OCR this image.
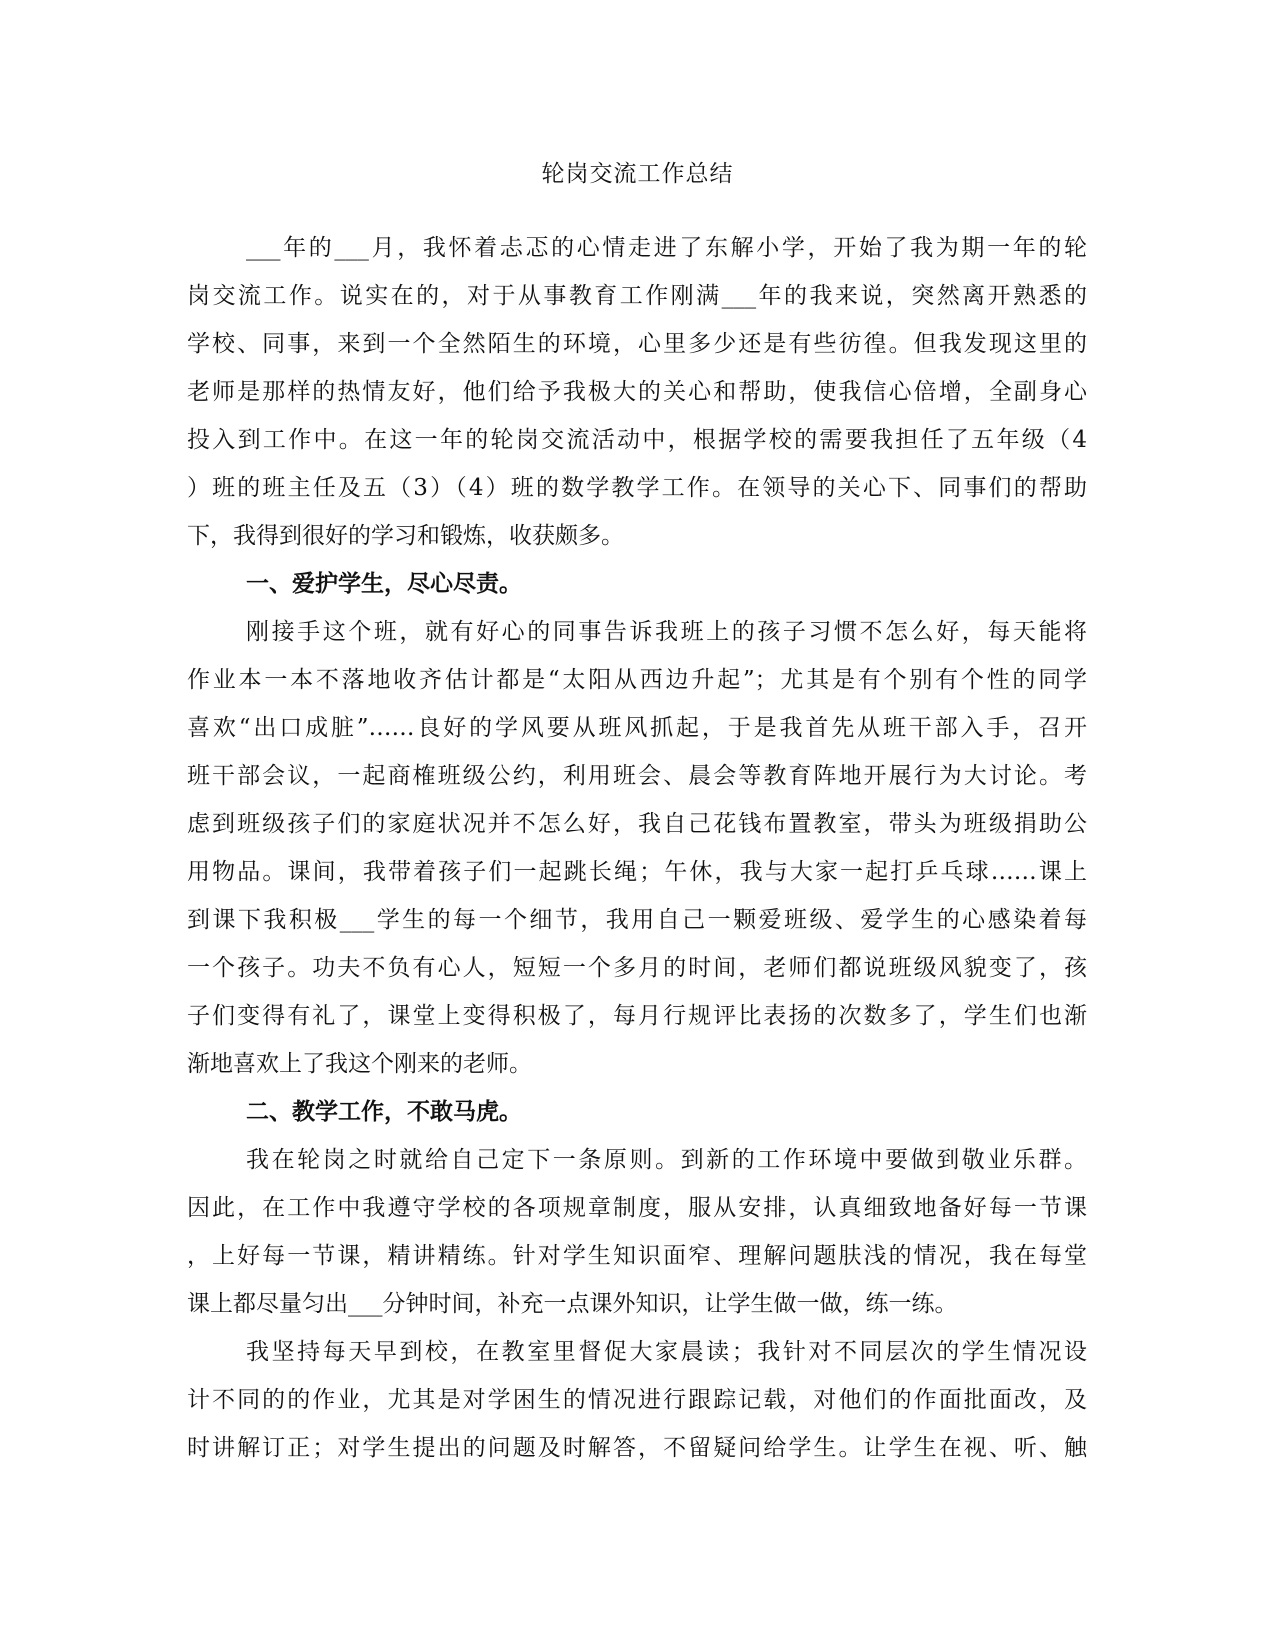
轮岗交流工作总结
___年的___月，我怀着忐忑的心情走进了东解小学，开始了我为期一年的轮
岗交流工作。说实在的，对于从事教育工作刚满___年的我来说，突然离开熟悉的
学校、同事，来到一个全然陌生的环境，心里多少还是有些彷徨。但我发现这里的
老师是那样的热情友好，他们给予我极大的关心和帮助，使我信心倍增，全副身心
投入到工作中。在这一年的轮岗交流活动中，根据学校的需要我担任了五年级（4
）班的班主任及五（3）（4）班的数学教学工作。在领导的关心下、同事们的帮助
下，我得到很好的学习和锻炼，收获颇多。
一、爱护学生，尽心尽责。
刚接手这个班，就有好心的同事告诉我班上的孩子习惯不怎么好，每天能将
作业本一本不落地收齐估计都是“太阳从西边升起”；尤其是有个别有个性的同学
喜欢“出口成脏”……良好的学风要从班风抓起，于是我首先从班干部入手，召开
班干部会议，一起商榷班级公约，利用班会、晨会等教育阵地开展行为大讨论。考
虑到班级孩子们的家庭状况并不怎么好，我自己花钱布置教室，带头为班级捐助公
用物品。课间，我带着孩子们一起跳长绳；午休，我与大家一起打乒乓球……课上
到课下我积极___学生的每一个细节，我用自己一颗爱班级、爱学生的心感染着每
一个孩子。功夫不负有心人，短短一个多月的时间，老师们都说班级风貌变了，孩
子们变得有礼了，课堂上变得积极了，每月行规评比表扬的次数多了，学生们也渐
渐地喜欢上了我这个刚来的老师。
二、教学工作，不敢马虎。
我在轮岗之时就给自己定下一条原则。到新的工作环境中要做到敬业乐群。
因此，在工作中我遵守学校的各项规章制度，服从安排，认真细致地备好每一节课
，上好每一节课，精讲精练。针对学生知识面窄、理解问题肤浅的情况，我在每堂
课上都尽量匀出___分钟时间，补充一点课外知识，让学生做一做，练一练。
我坚持每天早到校，在教室里督促大家晨读；我针对不同层次的学生情况设
计不同的的作业，尤其是对学困生的情况进行跟踪记载，对他们的作面批面改，及
时讲解订正；对学生提出的问题及时解答，不留疑问给学生。让学生在视、听、触
